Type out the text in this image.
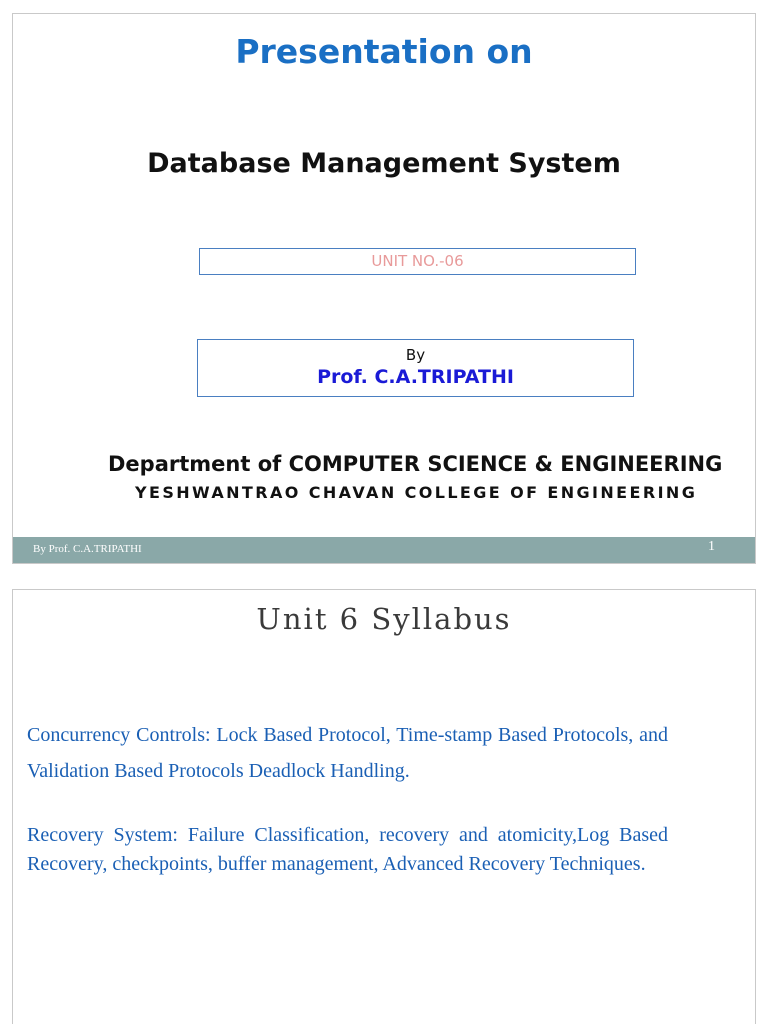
Presentation on
Database Management System
UNIT NO.-06
By
Prof. C.A.TRIPATHI
Department of COMPUTER SCIENCE & ENGINEERING
YESHWANTRAO CHAVAN COLLEGE OF ENGINEERING
By Prof. C.A.TRIPATHI	1
Unit 6 Syllabus
Concurrency Controls: Lock Based Protocol, Time-stamp Based Protocols, and Validation Based Protocols Deadlock Handling.
Recovery System: Failure Classification, recovery and atomicity,Log Based Recovery, checkpoints, buffer management, Advanced Recovery Techniques.
